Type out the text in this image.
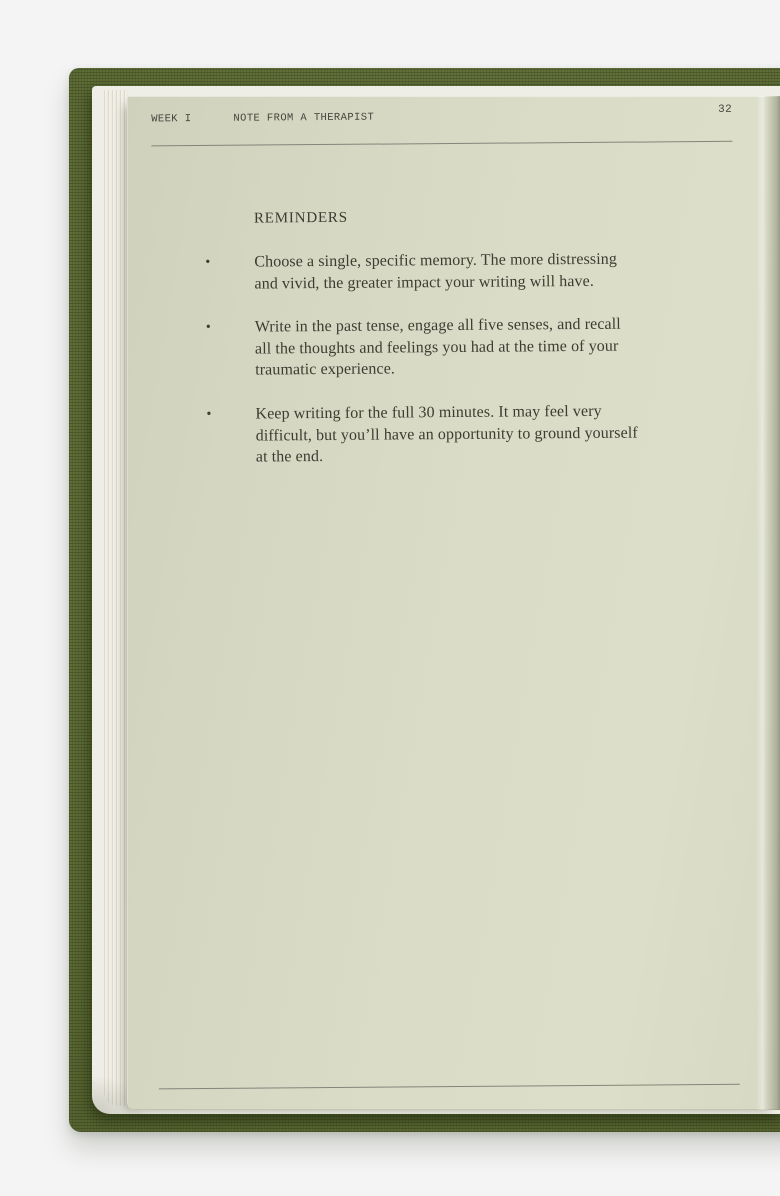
WEEK I	NOTE FROM A THERAPIST
32
REMINDERS
•	Choose a single, specific memory. The more distressing
and vivid, the greater impact your writing will have.
•	Write in the past tense, engage all five senses, and recall
all the thoughts and feelings you had at the time of your
traumatic experience.
•	Keep writing for the full 30 minutes. It may feel very
difficult, but you’ll have an opportunity to ground yourself
at the end.
